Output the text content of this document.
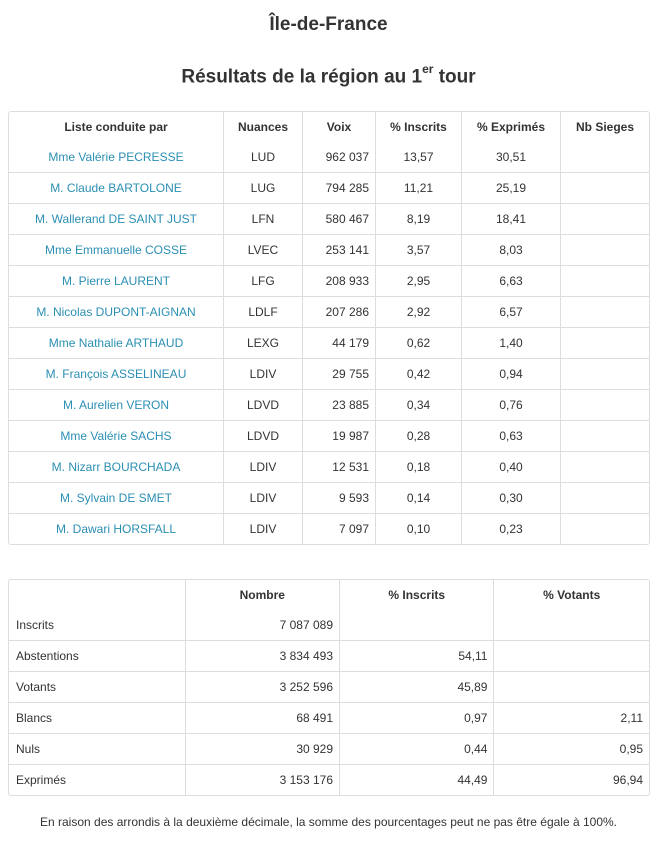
Île-de-France
Résultats de la région au 1er tour
Liste conduite par	Nuances	Voix	% Inscrits	% Exprimés	Nb Sieges
Mme Valérie PECRESSE	LUD	962 037	13,57	30,51	
M. Claude BARTOLONE	LUG	794 285	11,21	25,19	
M. Wallerand DE SAINT JUST	LFN	580 467	8,19	18,41	
Mme Emmanuelle COSSE	LVEC	253 141	3,57	8,03	
M. Pierre LAURENT	LFG	208 933	2,95	6,63	
M. Nicolas DUPONT-AIGNAN	LDLF	207 286	2,92	6,57	
Mme Nathalie ARTHAUD	LEXG	44 179	0,62	1,40	
M. François ASSELINEAU	LDIV	29 755	0,42	0,94	
M. Aurelien VERON	LDVD	23 885	0,34	0,76	
Mme Valérie SACHS	LDVD	19 987	0,28	0,63	
M. Nizarr BOURCHADA	LDIV	12 531	0,18	0,40	
M. Sylvain DE SMET	LDIV	9 593	0,14	0,30	
M. Dawari HORSFALL	LDIV	7 097	0,10	0,23	
	Nombre	% Inscrits	% Votants
Inscrits	7 087 089		
Abstentions	3 834 493	54,11	
Votants	3 252 596	45,89	
Blancs	68 491	0,97	2,11
Nuls	30 929	0,44	0,95
Exprimés	3 153 176	44,49	96,94
En raison des arrondis à la deuxième décimale, la somme des pourcentages peut ne pas être égale à 100%.
